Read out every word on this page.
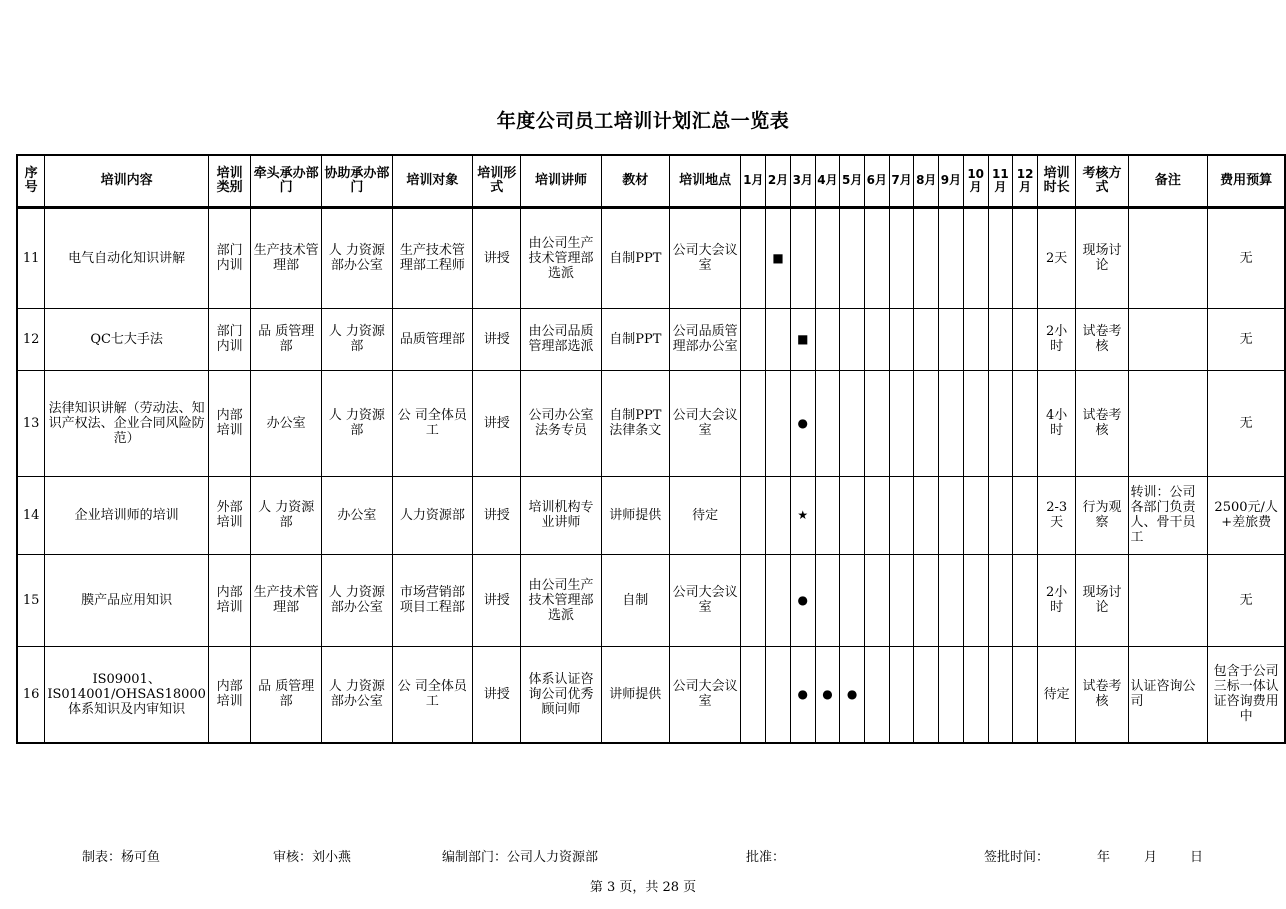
年度公司员工培训计划汇总一览表
序号	培训内容	培训类别	牵头承办部门	协助承办部门	培训对象	培训形式	培训讲师	教材	培训地点	1月	2月	3月	4月	5月	6月	7月	8月	9月	10月	11月	12月	培训时长	考核方式	备注	费用预算
11	电气自动化知识讲解	部门内训	生产技术管理部	人 力资源部办公室	生产技术管理部工程师	讲授	由公司生产技术管理部选派	自制PPT	公司大会议室		■											2天	现场讨论		无
12	QC七大手法	部门内训	品 质管理部	人 力资源部	品质管理部	讲授	由公司品质管理部选派	自制PPT	公司品质管理部办公室			■										2小时	试卷考核		无
13	法律知识讲解（劳动法、知识产权法、企业合同风险防范）	内部培训	办公室	人 力资源部	公 司全体员工	讲授	公司办公室法务专员	自制PPT法律条文	公司大会议室			●										4小时	试卷考核		无
14	企业培训师的培训	外部培训	人 力资源部	办公室	人力资源部	讲授	培训机构专业讲师	讲师提供	待定			★										2-3天	行为观察	转训：公司各部门负责人、骨干员工	2500元/人+差旅费
15	膜产品应用知识	内部培训	生产技术管理部	人 力资源部办公室	市场营销部项目工程部	讲授	由公司生产技术管理部选派	自制	公司大会议室			●										2小时	现场讨论		无
16	IS09001、IS014001/OHSAS18000体系知识及内审知识	内部培训	品 质管理部	人 力资源部办公室	公 司全体员工	讲授	体系认证咨询公司优秀顾问师	讲师提供	公司大会议室			●	●	●								待定	试卷考核	认证咨询公司	包含于公司三标一体认证咨询费用中
制表：杨可鱼	审核：刘小燕	编制部门：公司人力资源部	批准：	签批时间：	年	月	日
第 3 页，共 28 页
